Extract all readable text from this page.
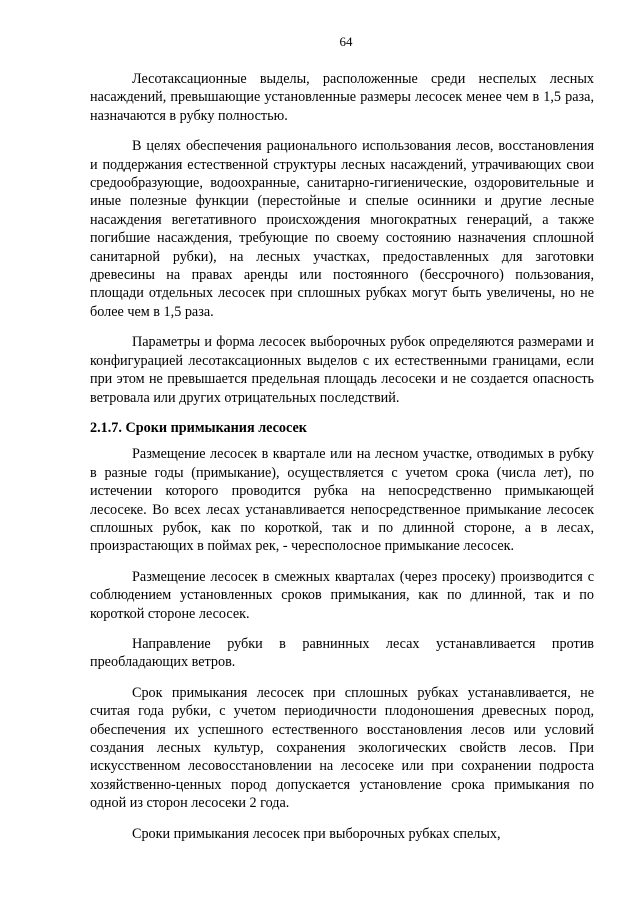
64

Лесотаксационные выделы, расположенные среди неспелых лесных насаждений, превышающие установленные размеры лесосек менее чем в 1,5 раза, назначаются в рубку полностью.

В целях обеспечения рационального использования лесов, восстановления и поддержания естественной структуры лесных насаждений, утрачивающих свои средообразующие, водоохранные, санитарно-гигиенические, оздоровительные и иные полезные функции (перестойные и спелые осинники и другие лесные насаждения вегетативного происхождения многократных генераций, а также погибшие насаждения, требующие по своему состоянию назначения сплошной санитарной рубки), на лесных участках, предоставленных для заготовки древесины на правах аренды или постоянного (бессрочного) пользования, площади отдельных лесосек при сплошных рубках могут быть увеличены, но не более чем в 1,5 раза.

Параметры и форма лесосек выборочных рубок определяются размерами и конфигурацией лесотаксационных выделов с их естественными границами, если при этом не превышается предельная площадь лесосеки и не создается опасность ветровала или других отрицательных последствий.

2.1.7. Сроки примыкания лесосек

Размещение лесосек в квартале или на лесном участке, отводимых в рубку в разные годы (примыкание), осуществляется с учетом срока (числа лет), по истечении которого проводится рубка на непосредственно примыкающей лесосеке. Во всех лесах устанавливается непосредственное примыкание лесосек сплошных рубок, как по короткой, так и по длинной стороне, а в лесах, произрастающих в поймах рек, - чересполосное примыкание лесосек.

Размещение лесосек в смежных кварталах (через просеку) производится с соблюдением установленных сроков примыкания, как по длинной, так и по короткой стороне лесосек.

Направление рубки в равнинных лесах устанавливается против преобладающих ветров.

Срок примыкания лесосек при сплошных рубках устанавливается, не считая года рубки, с учетом периодичности плодоношения древесных пород, обеспечения их успешного естественного восстановления лесов или условий создания лесных культур, сохранения экологических свойств лесов. При искусственном лесовосстановлении на лесосеке или при сохранении подроста хозяйственно-ценных пород допускается установление срока примыкания по одной из сторон лесосеки 2 года.

Сроки примыкания лесосек при выборочных рубках спелых,
